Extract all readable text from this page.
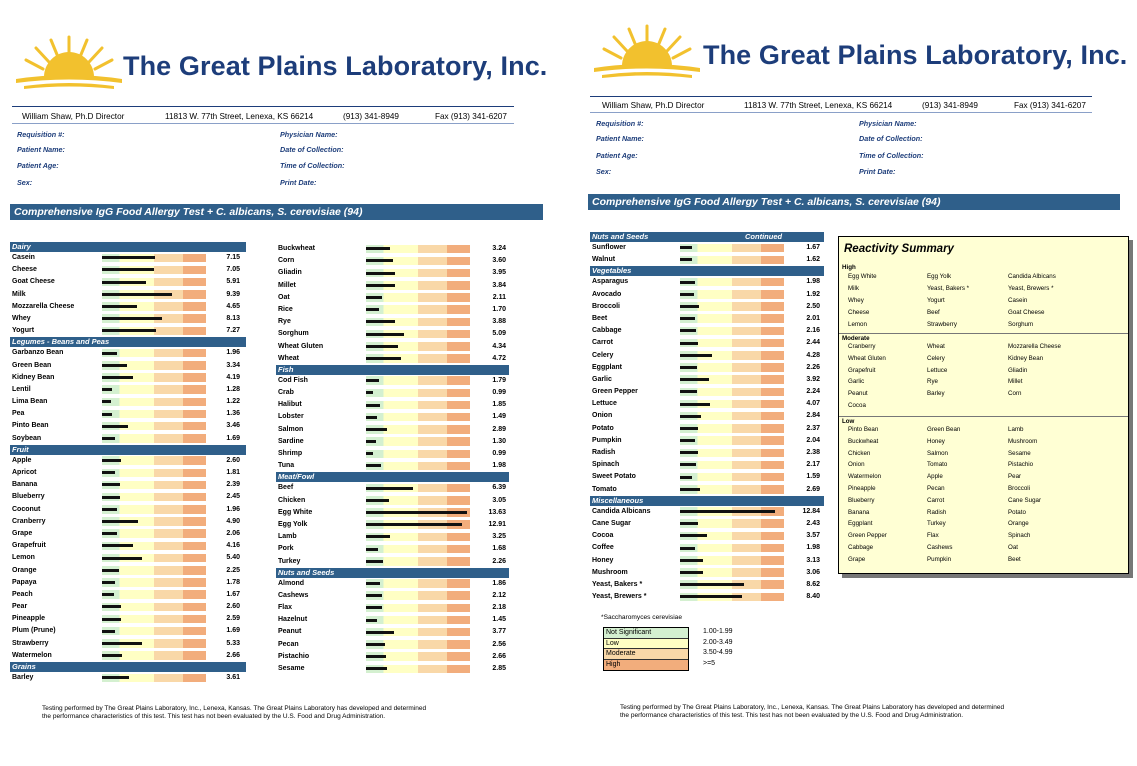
The Great Plains Laboratory, Inc.
William Shaw, Ph.D Director	11813 W. 77th Street, Lenexa, KS 66214	(913) 341-8949	Fax (913) 341-6207
Requisition #:
Patient Name:
Patient Age:
Sex:
Physician Name:
Date of Collection:
Time of Collection:
Print Date:
Comprehensive IgG Food Allergy Test + C. albicans, S. cerevisiae (94)
Dairy
Casein	7.15
Cheese	7.05
Goat Cheese	5.91
Milk	9.39
Mozzarella Cheese	4.65
Whey	8.13
Yogurt	7.27
Legumes - Beans and Peas
Garbanzo Bean	1.96
Green Bean	3.34
Kidney Bean	4.19
Lentil	1.28
Lima Bean	1.22
Pea	1.36
Pinto Bean	3.46
Soybean	1.69
Fruit
Apple	2.60
Apricot	1.81
Banana	2.39
Blueberry	2.45
Coconut	1.96
Cranberry	4.90
Grape	2.06
Grapefruit	4.16
Lemon	5.40
Orange	2.25
Papaya	1.78
Peach	1.67
Pear	2.60
Pineapple	2.59
Plum (Prune)	1.69
Strawberry	5.33
Watermelon	2.66
Grains
Barley	3.61
Buckwheat	3.24
Corn	3.60
Gliadin	3.95
Millet	3.84
Oat	2.11
Rice	1.70
Rye	3.88
Sorghum	5.09
Wheat Gluten	4.34
Wheat	4.72
Fish
Cod Fish	1.79
Crab	0.99
Halibut	1.85
Lobster	1.49
Salmon	2.89
Sardine	1.30
Shrimp	0.99
Tuna	1.98
Meat/Fowl
Beef	6.39
Chicken	3.05
Egg White	13.63
Egg Yolk	12.91
Lamb	3.25
Pork	1.68
Turkey	2.26
Nuts and Seeds
Almond	1.86
Cashews	2.12
Flax	2.18
Hazelnut	1.45
Peanut	3.77
Pecan	2.56
Pistachio	2.66
Sesame	2.85
Testing performed by The Great Plains Laboratory, Inc., Lenexa, Kansas. The Great Plains Laboratory has developed and determined
the performance characteristics of this test. This test has not been evaluated by the U.S. Food and Drug Administration.
The Great Plains Laboratory, Inc.
William Shaw, Ph.D Director	11813 W. 77th Street, Lenexa, KS 66214	(913) 341-8949	Fax (913) 341-6207
Requisition #:
Patient Name:
Patient Age:
Sex:
Physician Name:
Date of Collection:
Time of Collection:
Print Date:
Comprehensive IgG Food Allergy Test + C. albicans, S. cerevisiae (94)
Nuts and Seeds	Continued
Sunflower	1.67
Walnut	1.62
Vegetables
Asparagus	1.98
Avocado	1.92
Broccoli	2.50
Beet	2.01
Cabbage	2.16
Carrot	2.44
Celery	4.28
Eggplant	2.26
Garlic	3.92
Green Pepper	2.24
Lettuce	4.07
Onion	2.84
Potato	2.37
Pumpkin	2.04
Radish	2.38
Spinach	2.17
Sweet Potato	1.59
Tomato	2.69
Miscellaneous
Candida Albicans	12.84
Cane Sugar	2.43
Cocoa	3.57
Coffee	1.98
Honey	3.13
Mushroom	3.06
Yeast, Bakers *	8.62
Yeast, Brewers *	8.40
*Saccharomyces cerevisiae
Not Significant
Low
Moderate
High
1.00-1.99
2.00-3.49
3.50-4.99
>=5
Reactivity Summary
High
Egg White	Egg Yolk	Candida Albicans
Milk	Yeast, Bakers *	Yeast, Brewers *
Whey	Yogurt	Casein
Cheese	Beef	Goat Cheese
Lemon	Strawberry	Sorghum
Moderate
Cranberry	Wheat	Mozzarella Cheese
Wheat Gluten	Celery	Kidney Bean
Grapefruit	Lettuce	Gliadin
Garlic	Rye	Millet
Peanut	Barley	Corn
Cocoa
Low
Pinto Bean	Green Bean	Lamb
Buckwheat	Honey	Mushroom
Chicken	Salmon	Sesame
Onion	Tomato	Pistachio
Watermelon	Apple	Pear
Pineapple	Pecan	Broccoli
Blueberry	Carrot	Cane Sugar
Banana	Radish	Potato
Eggplant	Turkey	Orange
Green Pepper	Flax	Spinach
Cabbage	Cashews	Oat
Grape	Pumpkin	Beet
Testing performed by The Great Plains Laboratory, Inc., Lenexa, Kansas. The Great Plains Laboratory has developed and determined
the performance characteristics of this test. This test has not been evaluated by the U.S. Food and Drug Administration.
